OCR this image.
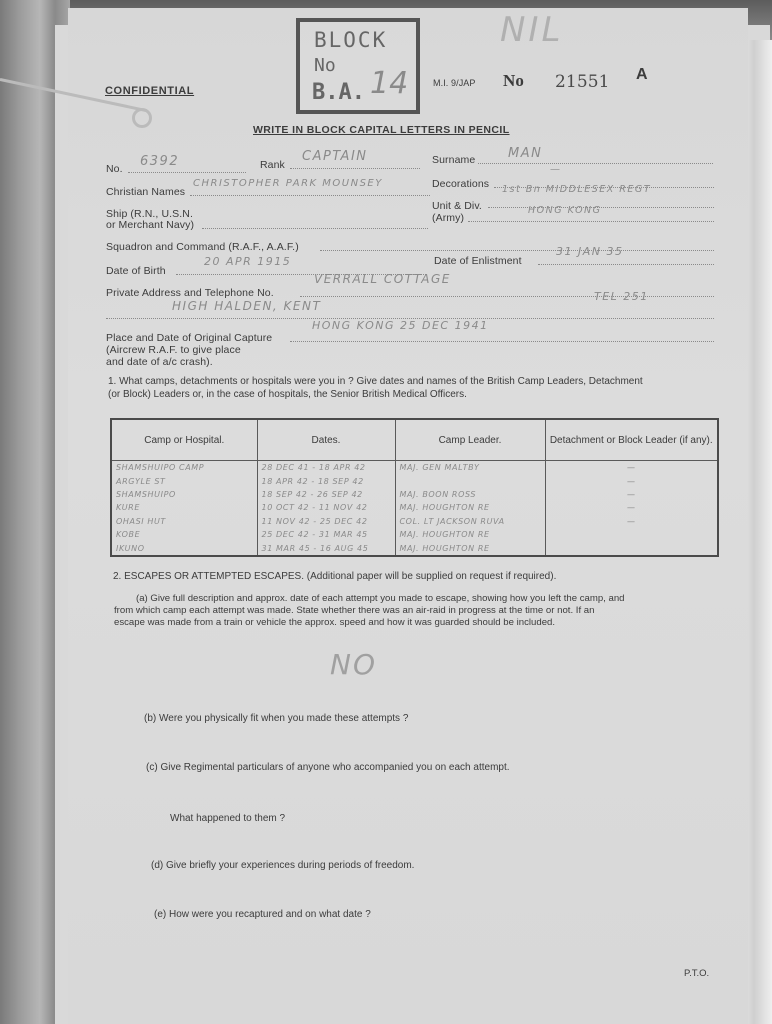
CONFIDENTIAL
BLOCK
No
B.A. 14
NIL
M.I. 9/JAP No 21551 A
WRITE IN BLOCK CAPITAL LETTERS IN PENCIL
No. 6392	Rank
CAPTAIN	Surname	MAN
Christian Names
CHRISTOPHER PARK MOUNSEY	Decorations
—
Ship (R.N., U.S.N.
or Merchant Navy)
Unit & Div.
(Army)
1st Bn MIDDLESEX REGT
HONG KONG
Squadron and Command (R.A.F., A.A.F.)
Date of Birth
20 APR 1915	Date of Enlistment
31 JAN 35
Private Address and Telephone No.
VERRALL COTTAGE
HIGH HALDEN, KENT
TEL 251
Place and Date of Original Capture
(Aircrew R.A.F. to give place
and date of a/c crash).
HONG KONG 25 DEC 1941
1. What camps, detachments or hospitals were you in ? Give dates and names of the British Camp Leaders, Detachment
(or Block) Leaders or, in the case of hospitals, the Senior British Medical Officers.
Camp or Hospital.	Dates.	Camp Leader.	Detachment or Block Leader (if any).
SHAMSHUIPO CAMP	28 DEC 41 - 18 APR 42	MAJ. GEN MALTBY	—
ARGYLE ST	18 APR 42 - 18 SEP 42		—
SHAMSHUIPO	18 SEP 42 - 26 SEP 42	MAJ. BOON ROSS	—
KURE	10 OCT 42 - 11 NOV 42	MAJ. HOUGHTON RE	—
OHASI HUT	11 NOV 42 - 25 DEC 42	COL. LT JACKSON RUVA	—
KOBE	25 DEC 42 - 31 MAR 45	MAJ. HOUGHTON RE	
IKUNO	31 MAR 45 - 16 AUG 45	MAJ. HOUGHTON RE	
2. ESCAPES OR ATTEMPTED ESCAPES. (Additional paper will be supplied on request if required).
(a) Give full description and approx. date of each attempt you made to escape, showing how you left the camp, and
from which camp each attempt was made. State whether there was an air-raid in progress at the time or not. If an
escape was made from a train or vehicle the approx. speed and how it was guarded should be included.
NO
(b) Were you physically fit when you made these attempts ?
(c) Give Regimental particulars of anyone who accompanied you on each attempt.
What happened to them ?
(d) Give briefly your experiences during periods of freedom.
(e) How were you recaptured and on what date ?
P.T.O.
